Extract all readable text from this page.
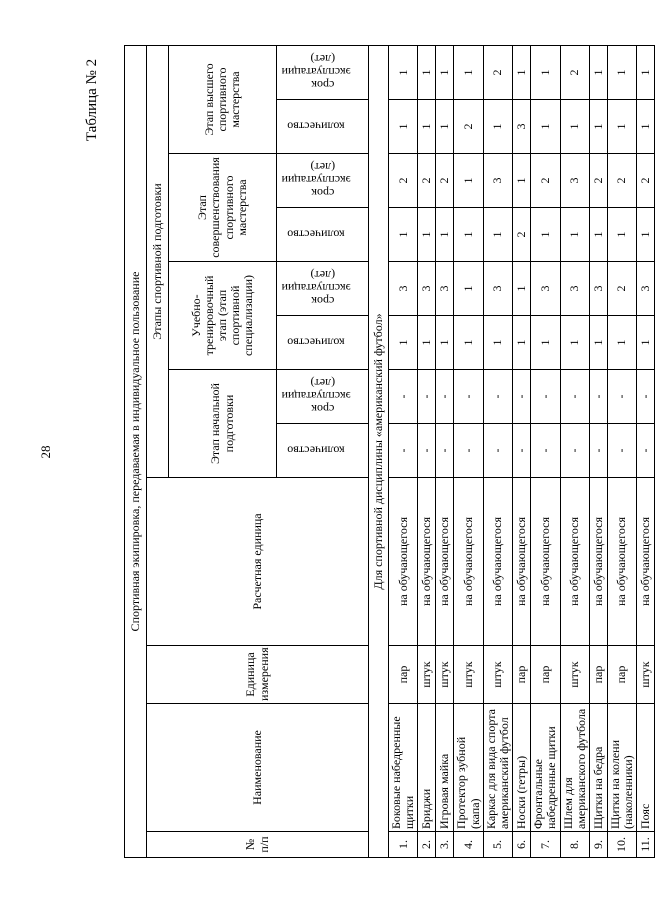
28
Таблица № 2
Спортивная экипировка, передаваемая в индивидуальное пользование											
№ п/п	Наименование	Единица измерения	Расчетная единица	Этапы спортивной подготовки							
				Этап начальной подготовки		Учебно-тренировочный этап (этап спортивной специализации)		Этап совершенствования спортивного мастерства		Этап высшего спортивного мастерства	
				количество	срок эксплуатации (лет)	количество	срок эксплуатации (лет)	количество	срок эксплуатации (лет)	количество	срок эксплуатации (лет)
Для спортивной дисциплины «американский футбол»											
1.	Боковые набедренные щитки	пар	на обучающегося	-	-	1	3	1	2	1	1
2.	Бриджи	штук	на обучающегося	-	-	1	3	1	2	1	1
3.	Игровая майка	штук	на обучающегося	-	-	1	3	1	2	1	1
4.	Протектор зубной (капа)	штук	на обучающегося	-	-	1	1	1	1	2	1
5.	Каркас для вида спорта американский футбол	штук	на обучающегося	-	-	1	3	1	3	1	2
6.	Носки (гетры)	пар	на обучающегося	-	-	1	1	2	1	3	1
7.	Фронтальные набедренные щитки	пар	на обучающегося	-	-	1	3	1	2	1	1
8.	Шлем для американского футбола	штук	на обучающегося	-	-	1	3	1	3	1	2
9.	Щитки на бедра	пар	на обучающегося	-	-	1	3	1	2	1	1
10.	Щитки на колени (наколенники)	пар	на обучающегося	-	-	1	2	1	2	1	1
11.	Пояс	штук	на обучающегося	-	-	1	3	1	2	1	1
